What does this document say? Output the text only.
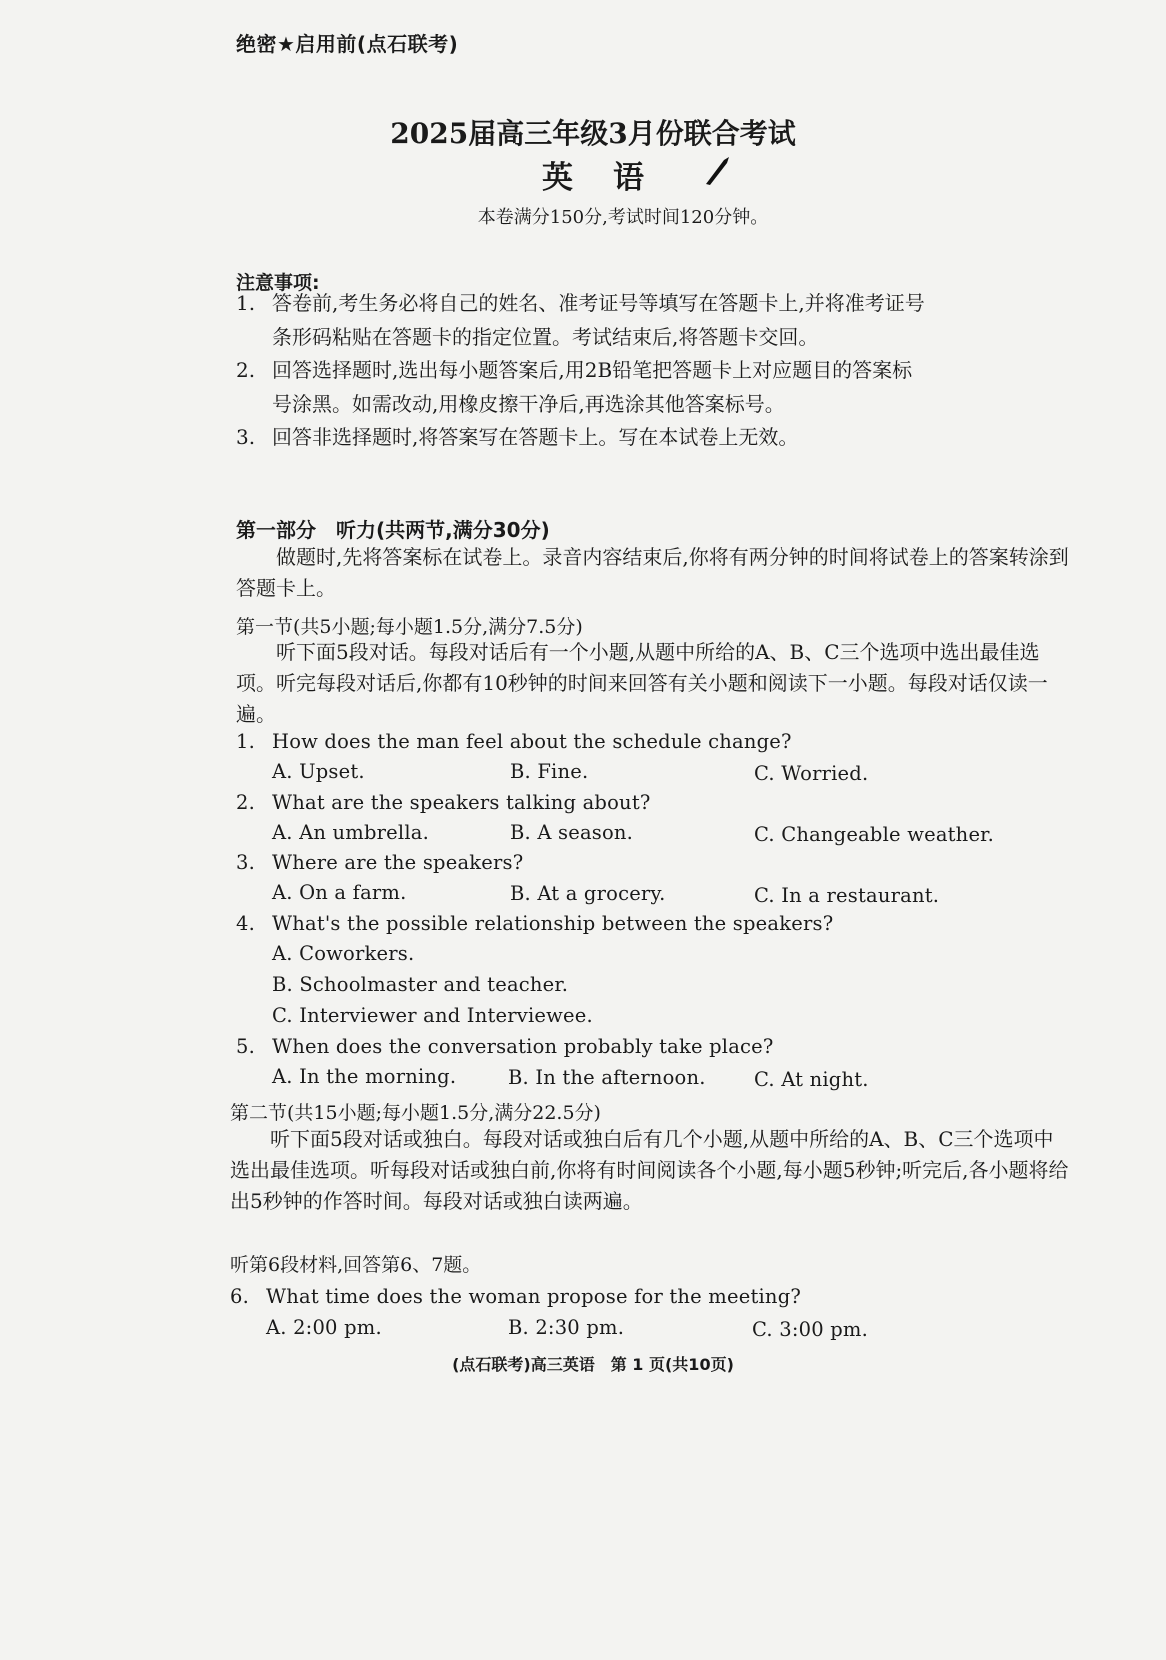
绝密★启用前(点石联考)
2025届高三年级3月份联合考试
英语
本卷满分150分,考试时间120分钟。
注意事项:
1. 答卷前,考生务必将自己的姓名、准考证号等填写在答题卡上,并将准考证号
条形码粘贴在答题卡的指定位置。考试结束后,将答题卡交回。
2. 回答选择题时,选出每小题答案后,用2B铅笔把答题卡上对应题目的答案标
号涂黑。如需改动,用橡皮擦干净后,再选涂其他答案标号。
3. 回答非选择题时,将答案写在答题卡上。写在本试卷上无效。
第一部分　听力(共两节,满分30分)
做题时,先将答案标在试卷上。录音内容结束后,你将有两分钟的时间将试卷上的答案转涂到答题卡上。
第一节(共5小题;每小题1.5分,满分7.5分)
听下面5段对话。每段对话后有一个小题,从题中所给的A、B、C三个选项中选出最佳选项。听完每段对话后,你都有10秒钟的时间来回答有关小题和阅读下一小题。每段对话仅读一遍。
1. How does the man feel about the schedule change?
A. Upset.	B. Fine.	C. Worried.
2. What are the speakers talking about?
A. An umbrella.	B. A season.	C. Changeable weather.
3. Where are the speakers?
A. On a farm.	B. At a grocery.	C. In a restaurant.
4. What's the possible relationship between the speakers?
A. Coworkers.
B. Schoolmaster and teacher.
C. Interviewer and Interviewee.
5. When does the conversation probably take place?
A. In the morning.	B. In the afternoon. C. At night.
第二节(共15小题;每小题1.5分,满分22.5分)
听下面5段对话或独白。每段对话或独白后有几个小题,从题中所给的A、B、C三个选项中选出最佳选项。听每段对话或独白前,你将有时间阅读各个小题,每小题5秒钟;听完后,各小题将给出5秒钟的作答时间。每段对话或独白读两遍。
听第6段材料,回答第6、7题。
6. What time does the woman propose for the meeting?
A. 2:00 pm.	B. 2:30 pm.	C. 3:00 pm.
(点石联考)高三英语　第 1 页(共10页)
